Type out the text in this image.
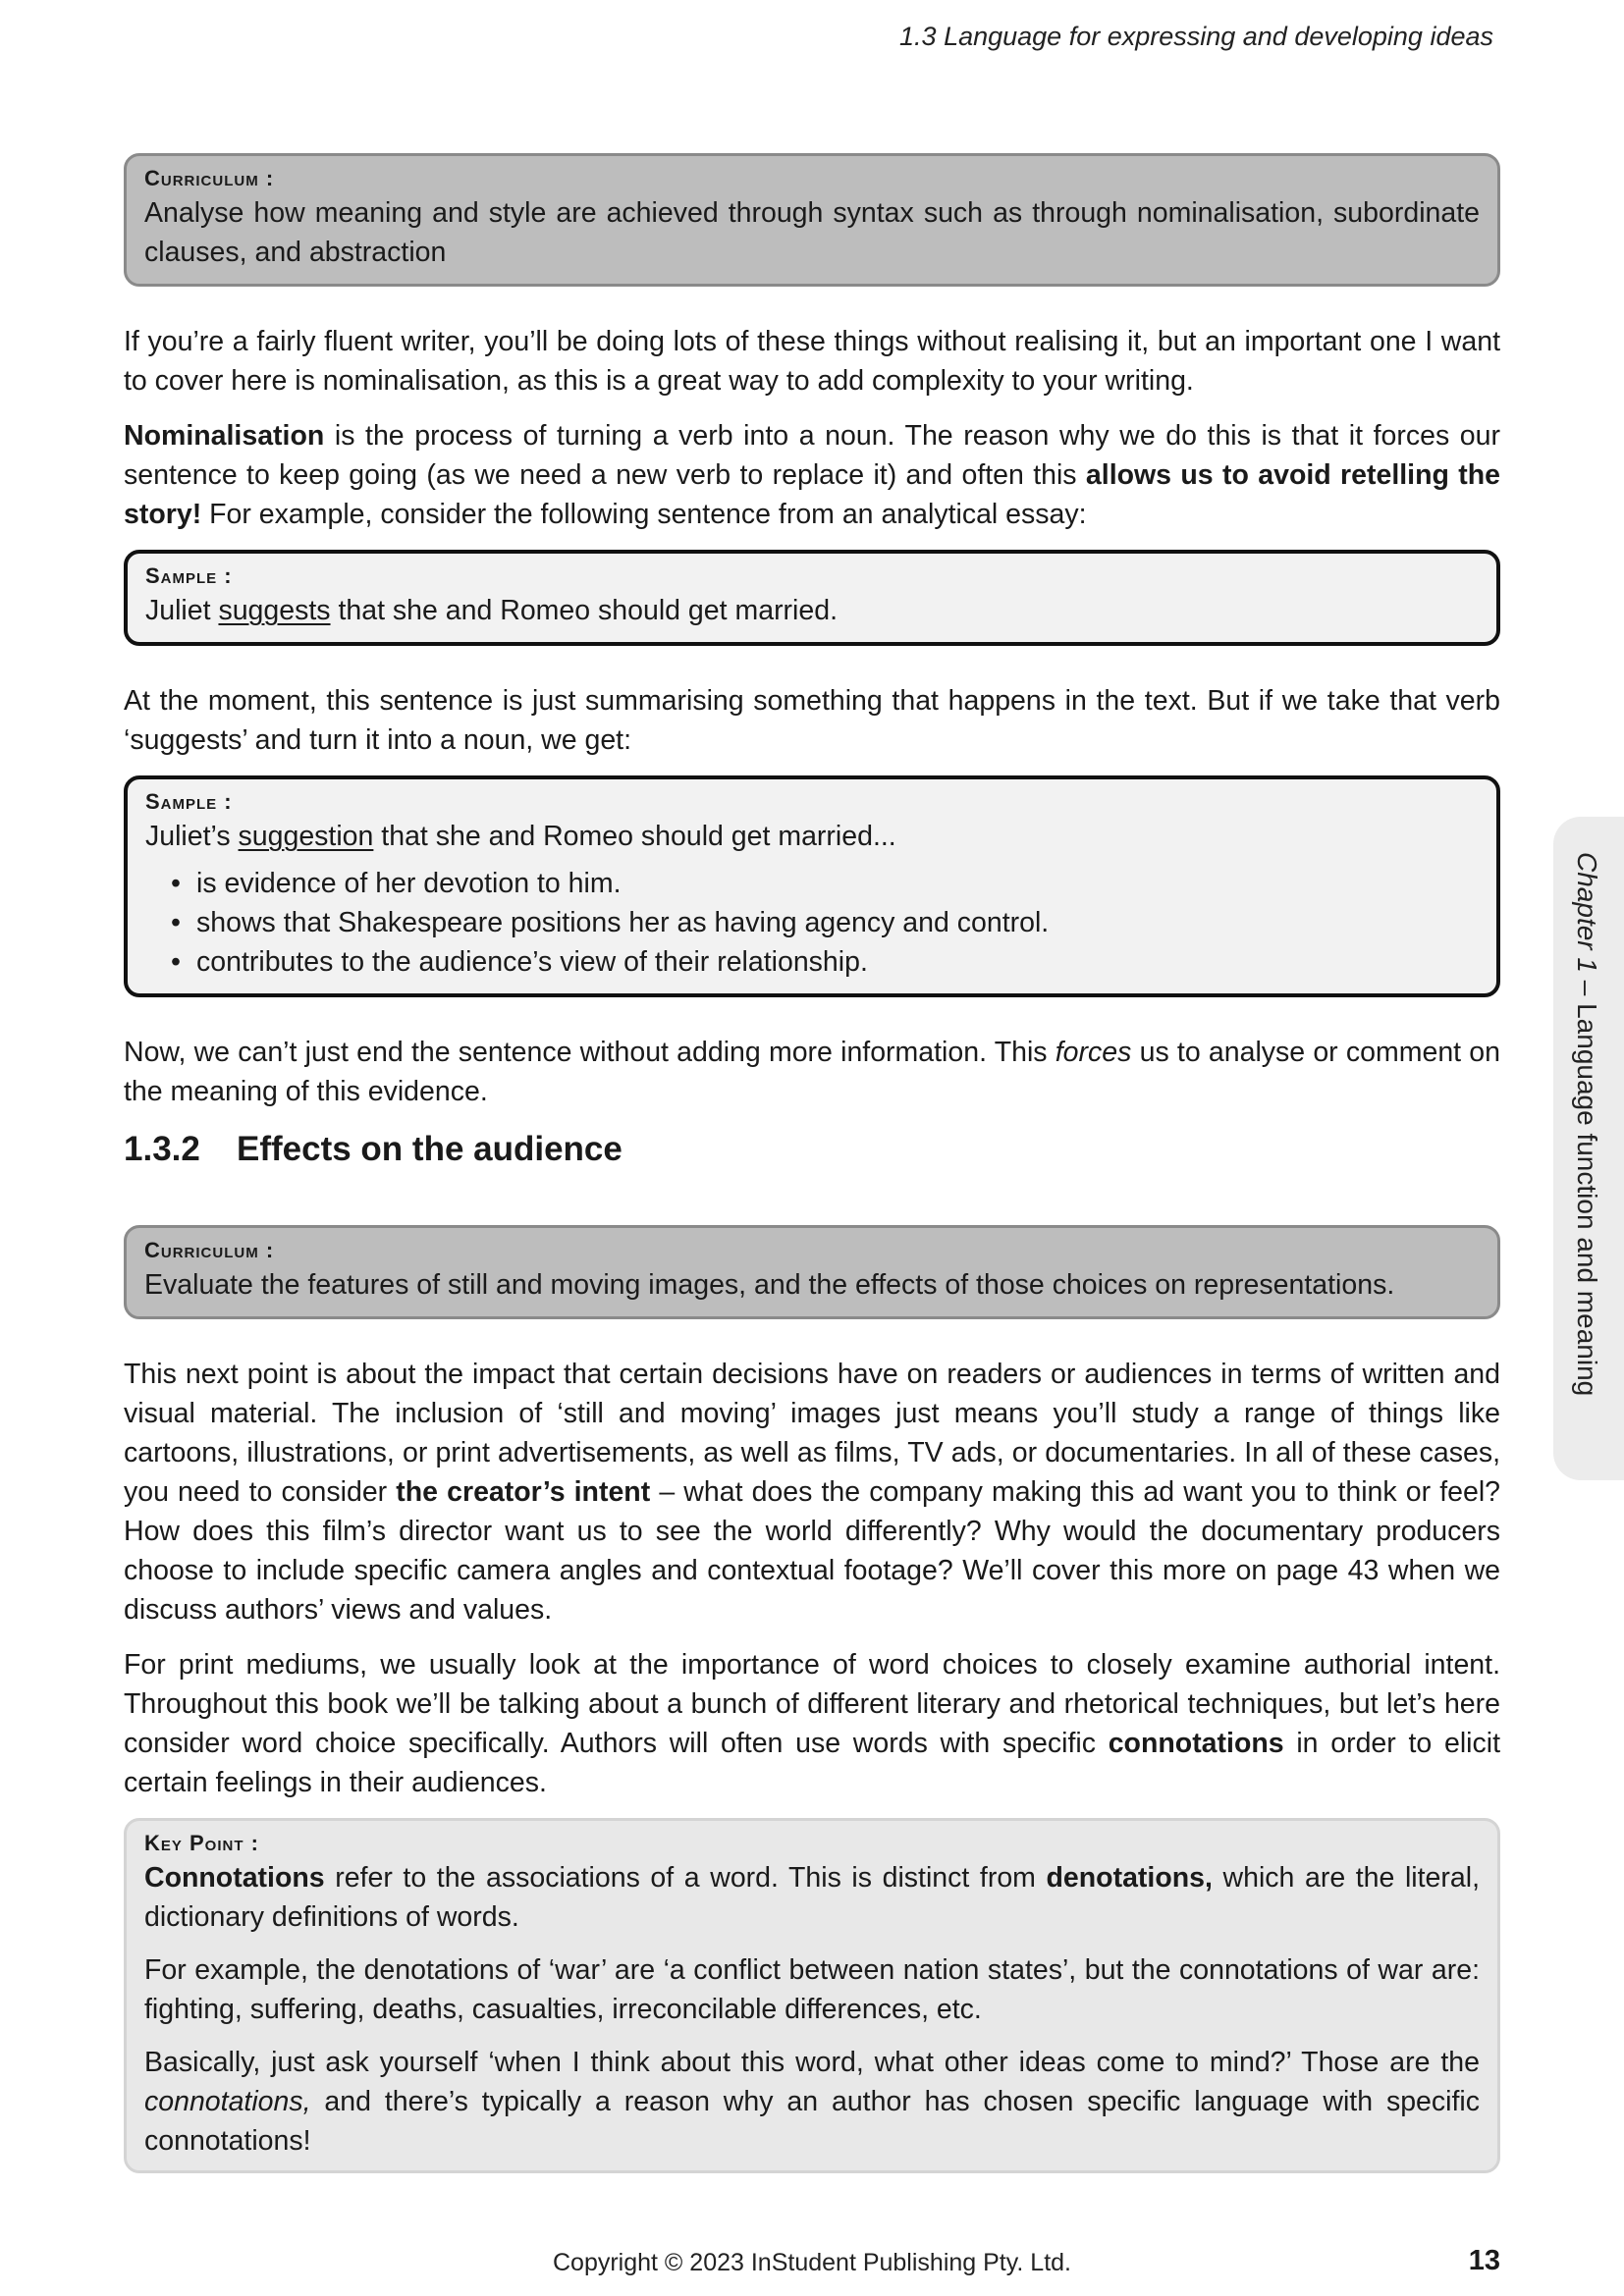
1.3 Language for expressing and developing ideas
Curriculum :

Analyse how meaning and style are achieved through syntax such as through nominalisation, subordinate clauses, and abstraction

If you’re a fairly fluent writer, you’ll be doing lots of these things without realising it, but an important one I want to cover here is nominalisation, as this is a great way to add complexity to your writing.

Nominalisation is the process of turning a verb into a noun. The reason why we do this is that it forces our sentence to keep going (as we need a new verb to replace it) and often this allows us to avoid retelling the story! For example, consider the following sentence from an analytical essay:

Sample :

Juliet suggests that she and Romeo should get married.

At the moment, this sentence is just summarising something that happens in the text. But if we take that verb ‘suggests’ and turn it into a noun, we get:

Sample :

Juliet’s suggestion that she and Romeo should get married...

• is evidence of her devotion to him.
• shows that Shakespeare positions her as having agency and control.
• contributes to the audience’s view of their relationship.

Now, we can’t just end the sentence without adding more information. This forces us to analyse or comment on the meaning of this evidence.

1.3.2 Effects on the audience
Curriculum :

Evaluate the features of still and moving images, and the effects of those choices on representations.

This next point is about the impact that certain decisions have on readers or audiences in terms of written and visual material. The inclusion of ‘still and moving’ images just means you’ll study a range of things like cartoons, illustrations, or print advertisements, as well as films, TV ads, or documentaries. In all of these cases, you need to consider the creator’s intent – what does the company making this ad want you to think or feel? How does this film’s director want us to see the world differently? Why would the documentary producers choose to include specific camera angles and contextual footage? We’ll cover this more on page 43 when we discuss authors’ views and values.

For print mediums, we usually look at the importance of word choices to closely examine authorial intent. Throughout this book we’ll be talking about a bunch of different literary and rhetorical techniques, but let’s here consider word choice specifically. Authors will often use words with specific connotations in order to elicit certain feelings in their audiences.

Key Point :

Connotations refer to the associations of a word. This is distinct from denotations, which are the literal, dictionary definitions of words.

For example, the denotations of ‘war’ are ‘a conflict between nation states’, but the connotations of war are: fighting, suffering, deaths, casualties, irreconcilable differences, etc.

Basically, just ask yourself ‘when I think about this word, what other ideas come to mind?’ Those are the connotations, and there’s typically a reason why an author has chosen specific language with specific connotations!

Chapter 1 – Language function and meaning
Copyright © 2023 InStudent Publishing Pty. Ltd.	13
